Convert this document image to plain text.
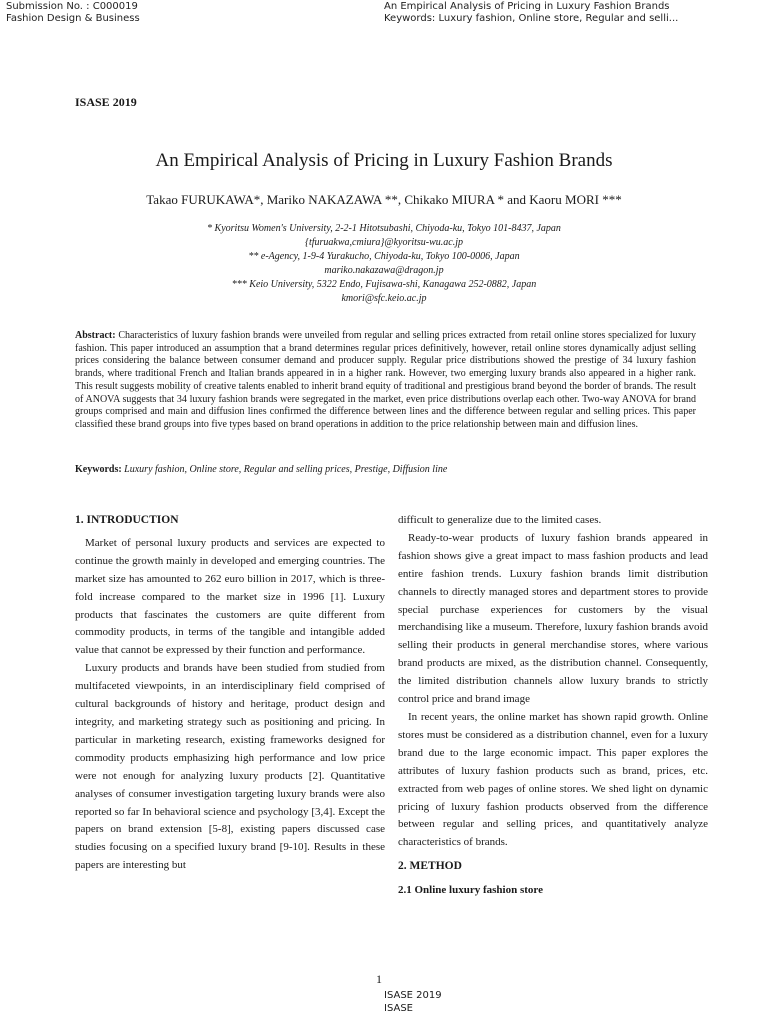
Submission No. : C000019
Fashion Design & Business
An Empirical Analysis of Pricing in Luxury Fashion Brands
Keywords: Luxury fashion, Online store, Regular and selli...
ISASE 2019
An Empirical Analysis of Pricing in Luxury Fashion Brands
Takao FURUKAWA*, Mariko NAKAZAWA **, Chikako MIURA * and Kaoru MORI ***
* Kyoritsu Women's University, 2-2-1 Hitotsubashi, Chiyoda-ku, Tokyo 101-8437, Japan
{tfuruakwa,cmiura}@kyoritsu-wu.ac.jp
** e-Agency, 1-9-4 Yurakucho, Chiyoda-ku, Tokyo 100-0006, Japan
mariko.nakazawa@dragon.jp
*** Keio University, 5322 Endo, Fujisawa-shi, Kanagawa 252-0882, Japan
kmori@sfc.keio.ac.jp
Abstract: Characteristics of luxury fashion brands were unveiled from regular and selling prices extracted from retail online stores specialized for luxury fashion. This paper introduced an assumption that a brand determines regular prices definitively, however, retail online stores dynamically adjust selling prices considering the balance between consumer demand and producer supply. Regular price distributions showed the prestige of 34 luxury fashion brands, where traditional French and Italian brands appeared in in a higher rank. However, two emerging luxury brands also appeared in a higher rank. This result suggests mobility of creative talents enabled to inherit brand equity of traditional and prestigious brand beyond the border of brands. The result of ANOVA suggests that 34 luxury fashion brands were segregated in the market, even price distributions overlap each other. Two-way ANOVA for brand groups comprised and main and diffusion lines confirmed the difference between lines and the difference between regular and selling prices. This paper classified these brand groups into five types based on brand operations in addition to the price relationship between main and diffusion lines.
Keywords: Luxury fashion, Online store, Regular and selling prices, Prestige, Diffusion line
1. INTRODUCTION

Market of personal luxury products and services are expected to continue the growth mainly in developed and emerging countries. The market size has amounted to 262 euro billion in 2017, which is three-fold increase compared to the market size in 1996 [1]. Luxury products that fascinates the customers are quite different from commodity products, in terms of the tangible and intangible added value that cannot be expressed by their function and performance.

Luxury products and brands have been studied from studied from multifaceted viewpoints, in an interdisciplinary field comprised of cultural backgrounds of history and heritage, product design and integrity, and marketing strategy such as positioning and pricing. In particular in marketing research, existing frameworks designed for commodity products emphasizing high performance and low price were not enough for analyzing luxury products [2]. Quantitative analyses of consumer investigation targeting luxury brands were also reported so far In behavioral science and psychology [3,4]. Except the papers on brand extension [5-8], existing papers discussed case studies focusing on a specified luxury brand [9-10]. Results in these papers are interesting but

difficult to generalize due to the limited cases.

Ready-to-wear products of luxury fashion brands appeared in fashion shows give a great impact to mass fashion products and lead entire fashion trends. Luxury fashion brands limit distribution channels to directly managed stores and department stores to provide special purchase experiences for customers by the visual merchandising like a museum. Therefore, luxury fashion brands avoid selling their products in general merchandise stores, where various brand products are mixed, as the distribution channel. Consequently, the limited distribution channels allow luxury brands to strictly control price and brand image

In recent years, the online market has shown rapid growth. Online stores must be considered as a distribution channel, even for a luxury brand due to the large economic impact. This paper explores the attributes of luxury fashion products such as brand, prices, etc. extracted from web pages of online stores. We shed light on dynamic pricing of luxury fashion products observed from the difference between regular and selling prices, and quantitatively analyze characteristics of brands.

2. METHOD
2.1 Online luxury fashion store
1
ISASE 2019
ISASE
